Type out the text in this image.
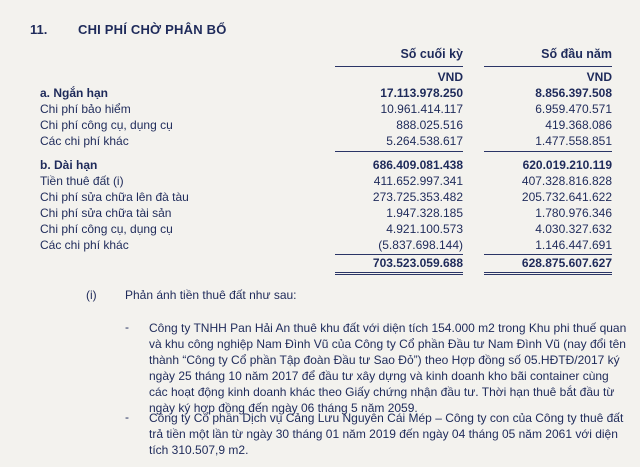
11. CHI PHÍ CHỜ PHÂN BỔ
Số cuối kỳ	Số đầu năm
VND	VND
a. Ngắn hạn	17.113.978.250	8.856.397.508
Chi phí bảo hiểm	10.961.414.117	6.959.470.571
Chi phí công cụ, dụng cụ	888.025.516	419.368.086
Các chi phí khác	5.264.538.617	1.477.558.851
b. Dài hạn	686.409.081.438	620.019.210.119
Tiền thuê đất (i)	411.652.997.341	407.328.816.828
Chi phí sửa chữa lên đà tàu	273.725.353.482	205.732.641.622
Chi phí sửa chữa tài sản	1.947.328.185	1.780.976.346
Chi phí công cụ, dụng cụ	4.921.100.573	4.030.327.632
Các chi phí khác	(5.837.698.144)	1.146.447.691
703.523.059.688	628.875.607.627
(i) Phản ánh tiền thuê đất như sau:
- Công ty TNHH Pan Hải An thuê khu đất với diện tích 154.000 m2 trong Khu phi thuế quan và khu công nghiệp Nam Đình Vũ của Công ty Cổ phần Đầu tư Nam Đình Vũ (nay đổi tên thành “Công ty Cổ phần Tập đoàn Đầu tư Sao Đỏ”) theo Hợp đồng số 05.HĐTĐ/2017 ký ngày 25 tháng 10 năm 2017 để đầu tư xây dựng và kinh doanh kho bãi container cùng các hoạt động kinh doanh khác theo Giấy chứng nhận đầu tư. Thời hạn thuê bắt đầu từ ngày ký hợp đồng đến ngày 06 tháng 5 năm 2059.
- Công ty Cổ phần Dịch vụ Cảng Lưu Nguyên Cái Mép – Công ty con của Công ty thuê đất trả tiền một lần từ ngày 30 tháng 01 năm 2019 đến ngày 04 tháng 05 năm 2061 với diện tích 310.507,9 m2.
